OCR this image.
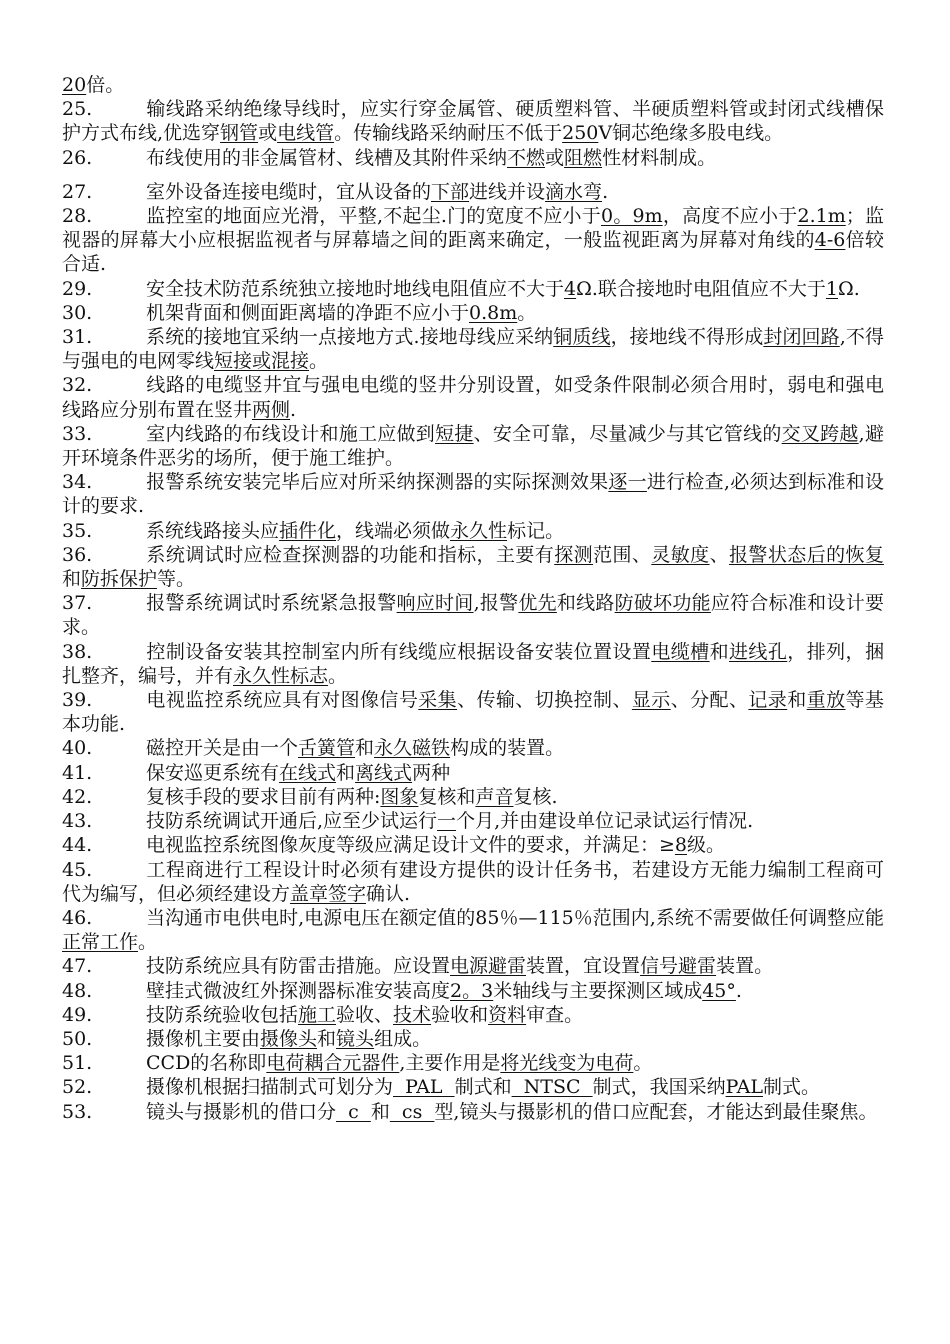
20倍。

25.	输线路采纳绝缘导线时，应实行穿金属管、硬质塑料管、半硬质塑料管或封闭式线槽保护方式布线,优选穿钢管或电线管。传输线路采纳耐压不低于250V铜芯绝缘多股电线。

26.	布线使用的非金属管材、线槽及其附件采纳不燃或阻燃性材料制成。

27.	室外设备连接电缆时，宜从设备的下部进线并设滴水弯.

28.	监控室的地面应光滑，平整,不起尘.门的宽度不应小于0。9m，高度不应小于2.1m；监视器的屏幕大小应根据监视者与屏幕墙之间的距离来确定，一般监视距离为屏幕对角线的4-6倍较合适.

29.	安全技术防范系统独立接地时地线电阻值应不大于4Ω.联合接地时电阻值应不大于1Ω.

30.	机架背面和侧面距离墙的净距不应小于0.8m。

31.	系统的接地宜采纳一点接地方式.接地母线应采纳铜质线，接地线不得形成封闭回路,不得与强电的电网零线短接或混接。

32.	线路的电缆竖井宜与强电电缆的竖井分别设置，如受条件限制必须合用时，弱电和强电线路应分别布置在竖井两侧.

33.	室内线路的布线设计和施工应做到短捷、安全可靠，尽量减少与其它管线的交叉跨越,避开环境条件恶劣的场所，便于施工维护。

34.	报警系统安装完毕后应对所采纳探测器的实际探测效果逐一进行检查,必须达到标准和设计的要求.

35.	系统线路接头应插件化，线端必须做永久性标记。

36.	系统调试时应检查探测器的功能和指标，主要有探测范围、灵敏度、报警状态后的恢复和防拆保护等。

37.	报警系统调试时系统紧急报警响应时间,报警优先和线路防破坏功能应符合标准和设计要求。

38.	控制设备安装其控制室内所有线缆应根据设备安装位置设置电缆槽和进线孔，排列，捆扎整齐，编号，并有永久性标志。

39.	电视监控系统应具有对图像信号采集、传输、切换控制、显示、分配、记录和重放等基本功能.

40.	磁控开关是由一个舌簧管和永久磁铁构成的装置。

41.	保安巡更系统有在线式和离线式两种

42.	复核手段的要求目前有两种:图象复核和声音复核.

43.	技防系统调试开通后,应至少试运行一个月,并由建设单位记录试运行情况.

44.	电视监控系统图像灰度等级应满足设计文件的要求，并满足：≥8级。

45.	工程商进行工程设计时必须有建设方提供的设计任务书，若建设方无能力编制工程商可代为编写，但必须经建设方盖章签字确认.

46.	当沟通市电供电时,电源电压在额定值的85％—115％范围内,系统不需要做任何调整应能正常工作。

47.	技防系统应具有防雷击措施。应设置电源避雷装置，宜设置信号避雷装置。

48.	壁挂式微波红外探测器标准安装高度2。3米轴线与主要探测区域成45°.

49.	技防系统验收包括施工验收、技术验收和资料审查。

50.	摄像机主要由摄像头和镜头组成。

51.	CCD的名称即电荷耦合元器件,主要作用是将光线变为电荷。

52.	摄像机根据扫描制式可划分为  PAL  制式和  NTSC  制式，我国采纳PAL制式。

53.	镜头与摄影机的借口分  c  和  cs  型,镜头与摄影机的借口应配套，才能达到最佳聚焦。
